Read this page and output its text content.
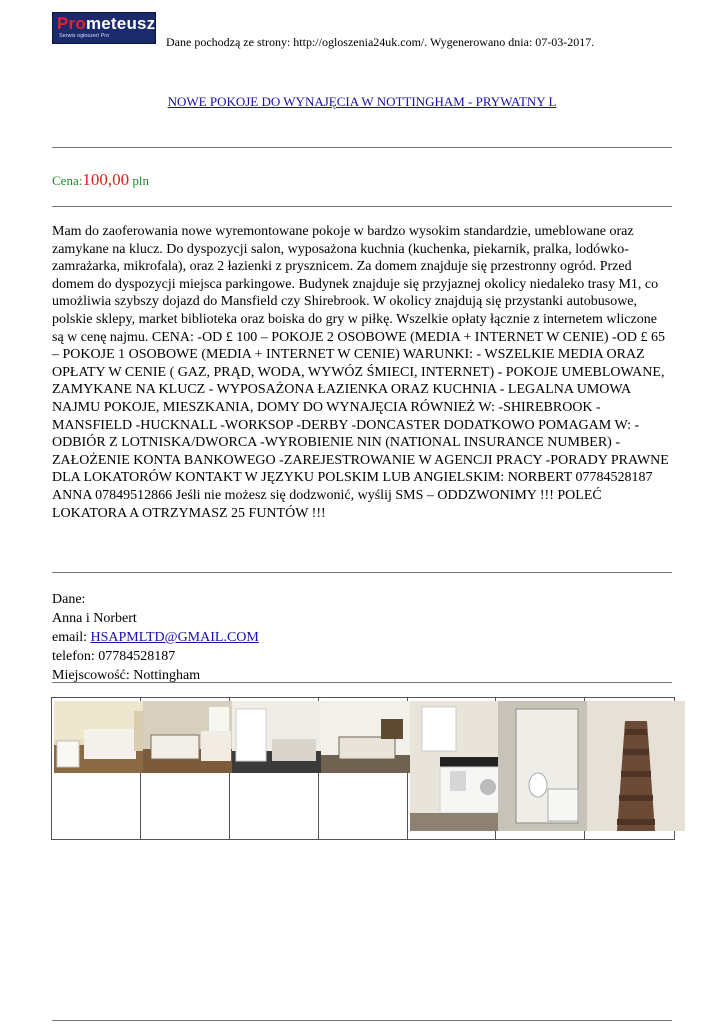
Prometeusz
Serwis ogłoszeń Pro	Dane pochodzą ze strony: http://ogloszenia24uk.com/. Wygenerowano dnia: 07-03-2017.
NOWE POKOJE DO WYNAJĘCIA W NOTTINGHAM - PRYWATNY L
Cena:100,00 pln
Mam do zaoferowania nowe wyremontowane pokoje w bardzo wysokim standardzie, umeblowane oraz zamykane na klucz. Do dyspozycji salon, wyposażona kuchnia (kuchenka, piekarnik, pralka, lodówko-zamrażarka, mikrofala), oraz 2 łazienki z prysznicem. Za domem znajduje się przestronny ogród. Przed domem do dyspozycji miejsca parkingowe. Budynek znajduje się przyjaznej okolicy niedaleko trasy M1, co umożliwia szybszy dojazd do Mansfield czy Shirebrook. W okolicy znajdują się przystanki autobusowe, polskie sklepy, market biblioteka oraz boiska do gry w piłkę. Wszelkie opłaty łącznie z internetem wliczone są w cenę najmu. CENA: -OD £ 100 – POKOJE 2 OSOBOWE (MEDIA + INTERNET W CENIE) -OD £ 65 – POKOJE 1 OSOBOWE (MEDIA + INTERNET W CENIE) WARUNKI: - WSZELKIE MEDIA ORAZ OPŁATY W CENIE ( GAZ, PRĄD, WODA, WYWÓZ ŚMIECI, INTERNET) - POKOJE UMEBLOWANE, ZAMYKANE NA KLUCZ - WYPOSAŻONA ŁAZIENKA ORAZ KUCHNIA - LEGALNA UMOWA NAJMU POKOJE, MIESZKANIA, DOMY DO WYNAJĘCIA RÓWNIEŻ W: -SHIREBROOK -MANSFIELD -HUCKNALL -WORKSOP -DERBY -DONCASTER DODATKOWO POMAGAM W: -ODBIÓR Z LOTNISKA/DWORCA -WYROBIENIE NIN (NATIONAL INSURANCE NUMBER) -ZAŁOŻENIE KONTA BANKOWEGO -ZAREJESTROWANIE W AGENCJI PRACY -PORADY PRAWNE DLA LOKATORÓW KONTAKT W JĘZYKU POLSKIM LUB ANGIELSKIM: NORBERT 07784528187 ANNA 07849512866 Jeśli nie możesz się dodzwonić, wyślij SMS – ODDZWONIMY !!! POLEĆ LOKATORA A OTRZYMASZ 25 FUNTÓW !!!
Dane:
Anna i Norbert
email: HSAPMLTD@GMAIL.COM
telefon: 07784528187
Miejscowość: Nottingham
